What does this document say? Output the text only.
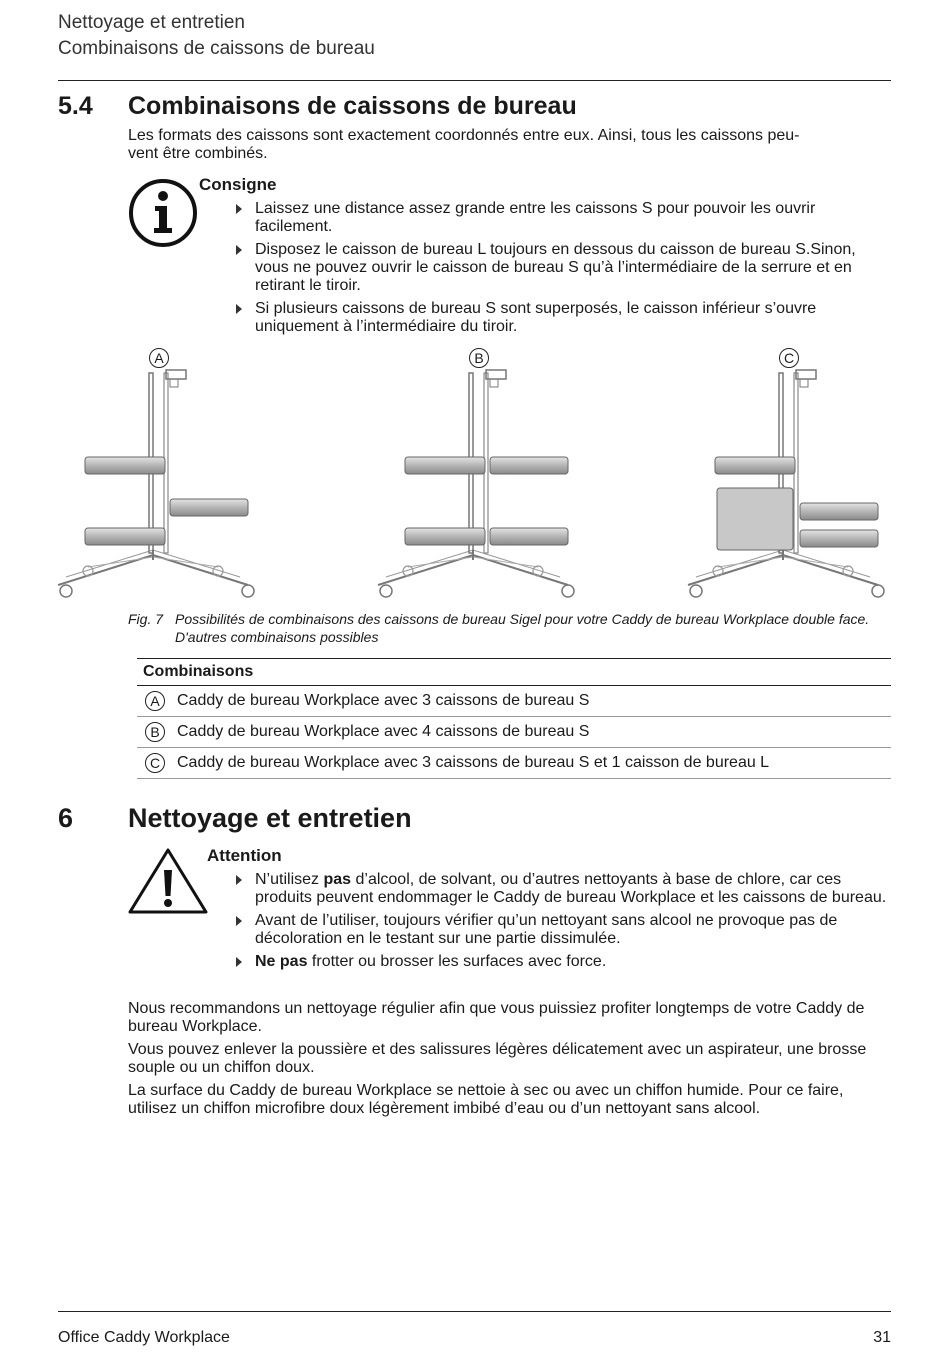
Nettoyage et entretien
Combinaisons de caissons de bureau
5.4 Combinaisons de caissons de bureau
Les formats des caissons sont exactement coordonnés entre eux. Ainsi, tous les caissons peu-
vent être combinés.
Consigne
Laissez une distance assez grande entre les caissons S pour pouvoir les ouvrir facilement.
Disposez le caisson de bureau L toujours en dessous du caisson de bureau S.Sinon, vous ne pouvez ouvrir le caisson de bureau S qu’à l’intermédiaire de la serrure et en retirant le tiroir.
Si plusieurs caissons de bureau S sont superposés, le caisson inférieur s’ouvre uniquement à l’intermédiaire du tiroir.
A	B	C
Fig. 7 Possibilités de combinaisons des caissons de bureau Sigel pour votre Caddy de bureau Workplace double face. D'autres combinaisons possibles
Combinaisons	

A	Caddy de bureau Workplace avec 3 caissons de bureau S

B	Caddy de bureau Workplace avec 4 caissons de bureau S

C	Caddy de bureau Workplace avec 3 caissons de bureau S et 1 caisson de bureau L
6 Nettoyage et entretien
Attention
N’utilisez pas d’alcool, de solvant, ou d’autres nettoyants à base de chlore, car ces produits peuvent endommager le Caddy de bureau Workplace et les caissons de bureau.
Avant de l’utiliser, toujours vérifier qu’un nettoyant sans alcool ne provoque pas de décoloration en le testant sur une partie dissimulée.
Ne pas frotter ou brosser les surfaces avec force.
Nous recommandons un nettoyage régulier afin que vous puissiez profiter longtemps de votre Caddy de bureau Workplace.
Vous pouvez enlever la poussière et des salissures légères délicatement avec un aspirateur, une brosse souple ou un chiffon doux.
La surface du Caddy de bureau Workplace se nettoie à sec ou avec un chiffon humide. Pour ce faire, utilisez un chiffon microfibre doux légèrement imbibé d’eau ou d’un nettoyant sans alcool.
Office Caddy Workplace	31
